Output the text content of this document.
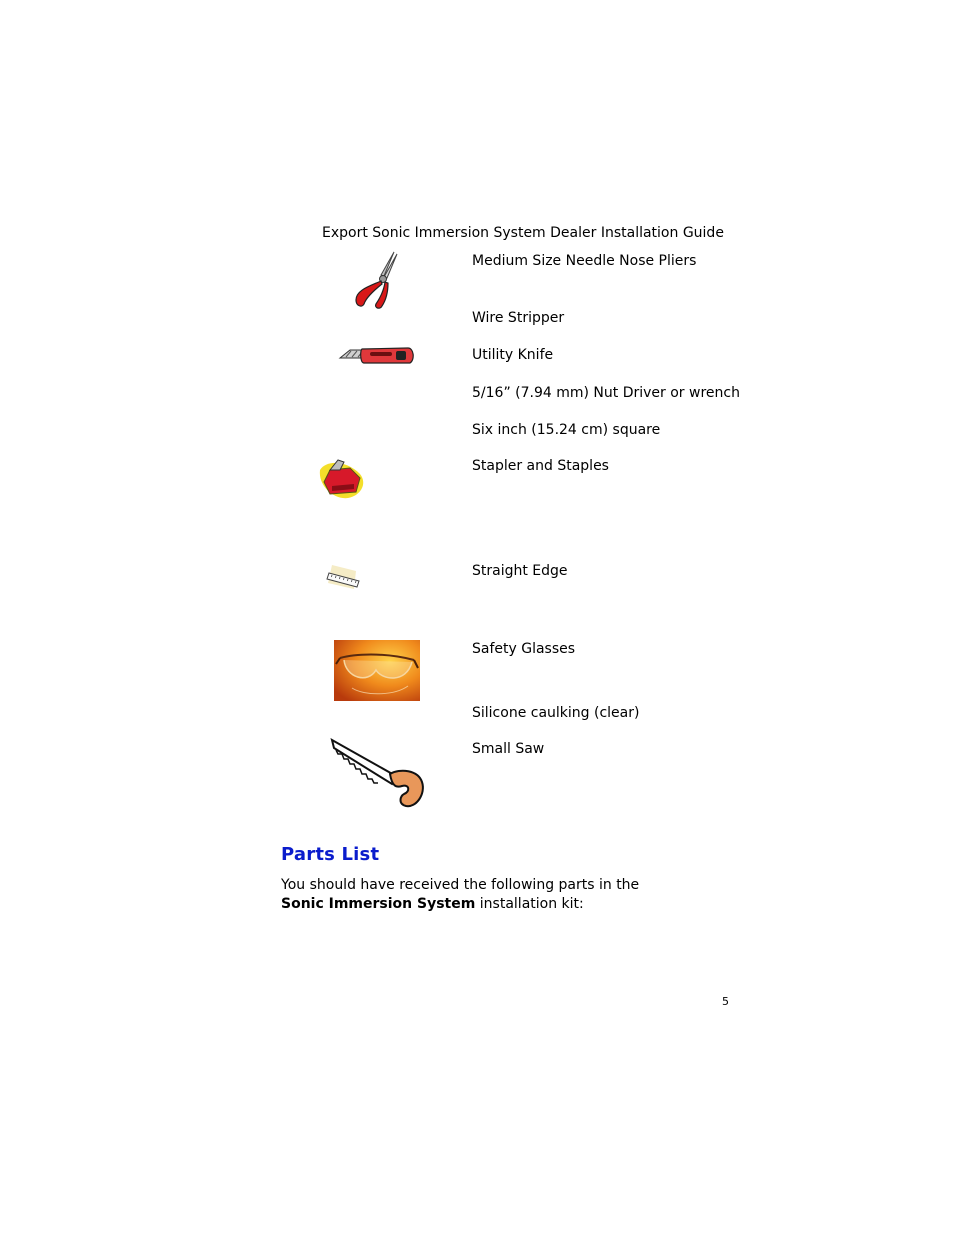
Export Sonic Immersion System Dealer Installation Guide
Medium Size Needle Nose Pliers
Wire Stripper
Utility Knife
5/16” (7.94 mm) Nut Driver or wrench
Six inch (15.24 cm) square
Stapler and Staples
Straight Edge
Safety Glasses
Silicone caulking (clear)
Small Saw
Parts List
You should have received the following parts in the Sonic Immersion System installation kit:
5
